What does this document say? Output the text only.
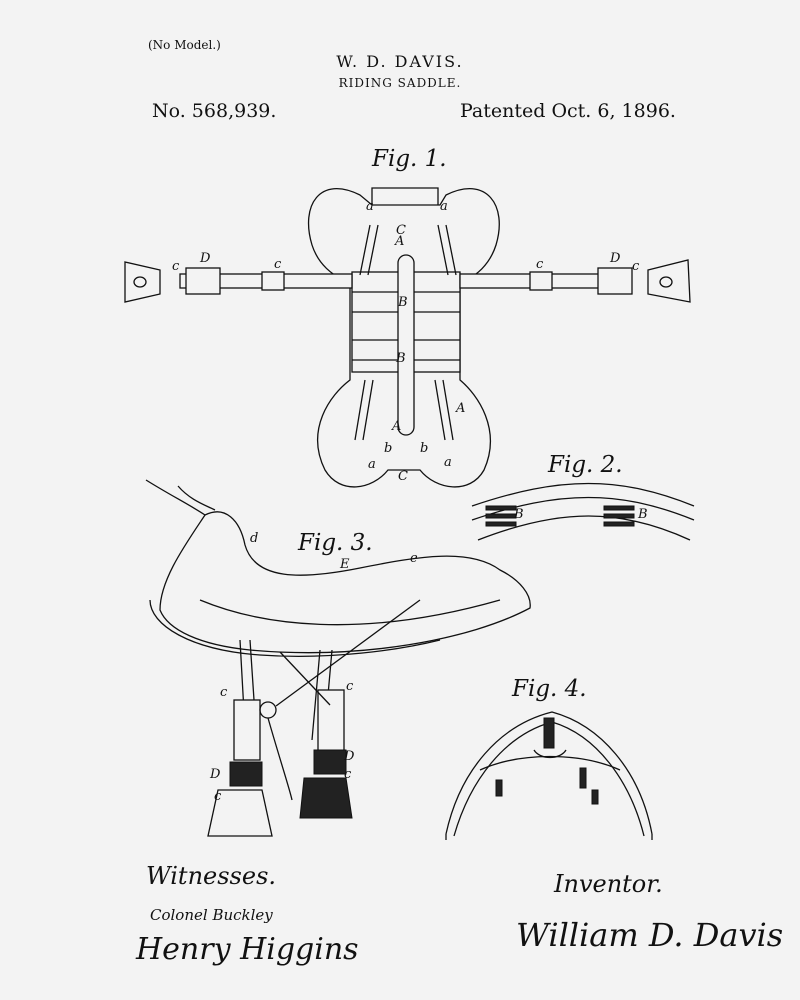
(No Model.)
W. D. DAVIS.
RIDING SADDLE.
No. 568,939.	Patented Oct. 6, 1896.
a	a
A
C
B
B
A
A
C
a	a
b b
c
D	c	c	D
c
B	B
d
E	e
c	c
D
c
D
c
Fig. 1.
Fig. 2.
Fig. 3.
Fig. 4.
Witnesses.
Colonel Buckley
Henry Higgins
Inventor.
William D. Davis
